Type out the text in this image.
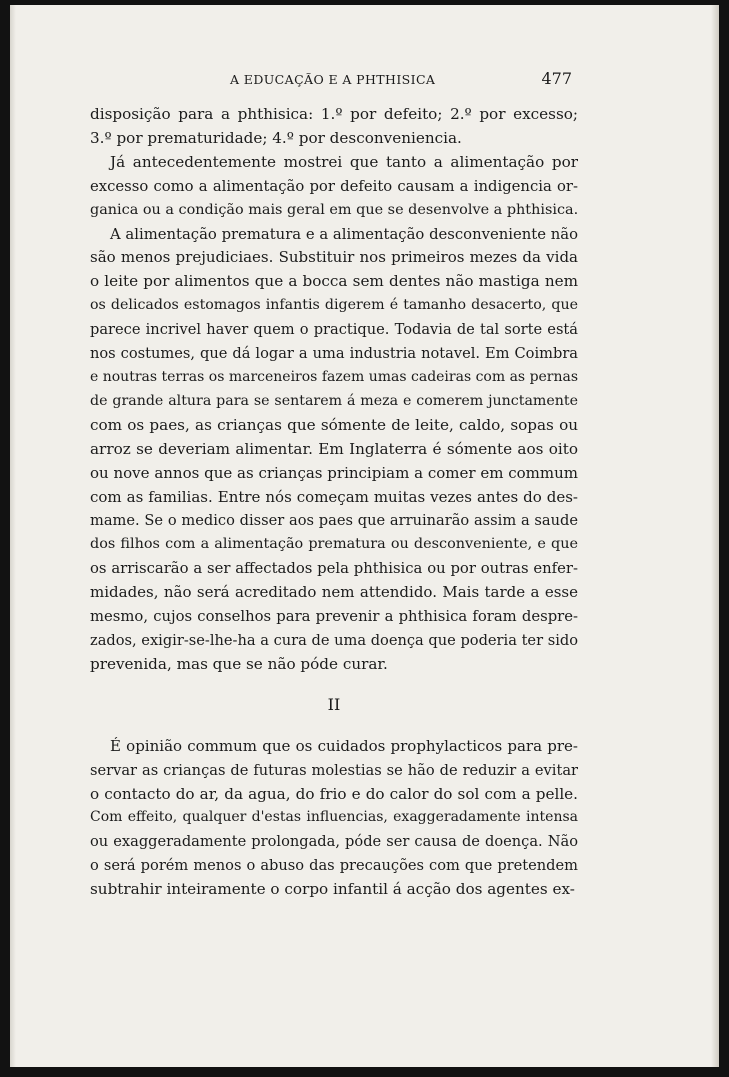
A EDUCAÇÃO E A PHTHISICA	477

disposição para a phthisica: 1.º por defeito; 2.º por excesso;
3.º por prematuridade; 4.º por desconveniencia.

Já antecedentemente mostrei que tanto a alimentação por
excesso como a alimentação por defeito causam a indigencia or-
ganica ou a condição mais geral em que se desenvolve a phthisica.

A alimentação prematura e a alimentação desconveniente não
são menos prejudiciaes. Substituir nos primeiros mezes da vida
o leite por alimentos que a bocca sem dentes não mastiga nem
os delicados estomagos infantis digerem é tamanho desacerto, que
parece incrivel haver quem o practique. Todavia de tal sorte está
nos costumes, que dá logar a uma industria notavel. Em Coimbra
e noutras terras os marceneiros fazem umas cadeiras com as pernas
de grande altura para se sentarem á meza e comerem junctamente
com os paes, as crianças que sómente de leite, caldo, sopas ou
arroz se deveriam alimentar. Em Inglaterra é sómente aos oito
ou nove annos que as crianças principiam a comer em commum
com as familias. Entre nós começam muitas vezes antes do des-
mame. Se o medico disser aos paes que arruinarão assim a saude
dos filhos com a alimentação prematura ou desconveniente, e que
os arriscarão a ser affectados pela phthisica ou por outras enfer-
midades, não será acreditado nem attendido. Mais tarde a esse
mesmo, cujos conselhos para prevenir a phthisica foram despre-
zados, exigir-se-lhe-ha a cura de uma doença que poderia ter sido
prevenida, mas que se não póde curar.

II

É opinião commum que os cuidados prophylacticos para pre-
servar as crianças de futuras molestias se hão de reduzir a evitar
o contacto do ar, da agua, do frio e do calor do sol com a pelle.
Com effeito, qualquer d'estas influencias, exaggeradamente intensa
ou exaggeradamente prolongada, póde ser causa de doença. Não
o será porém menos o abuso das precauções com que pretendem
subtrahir inteiramente o corpo infantil á acção dos agentes ex-
